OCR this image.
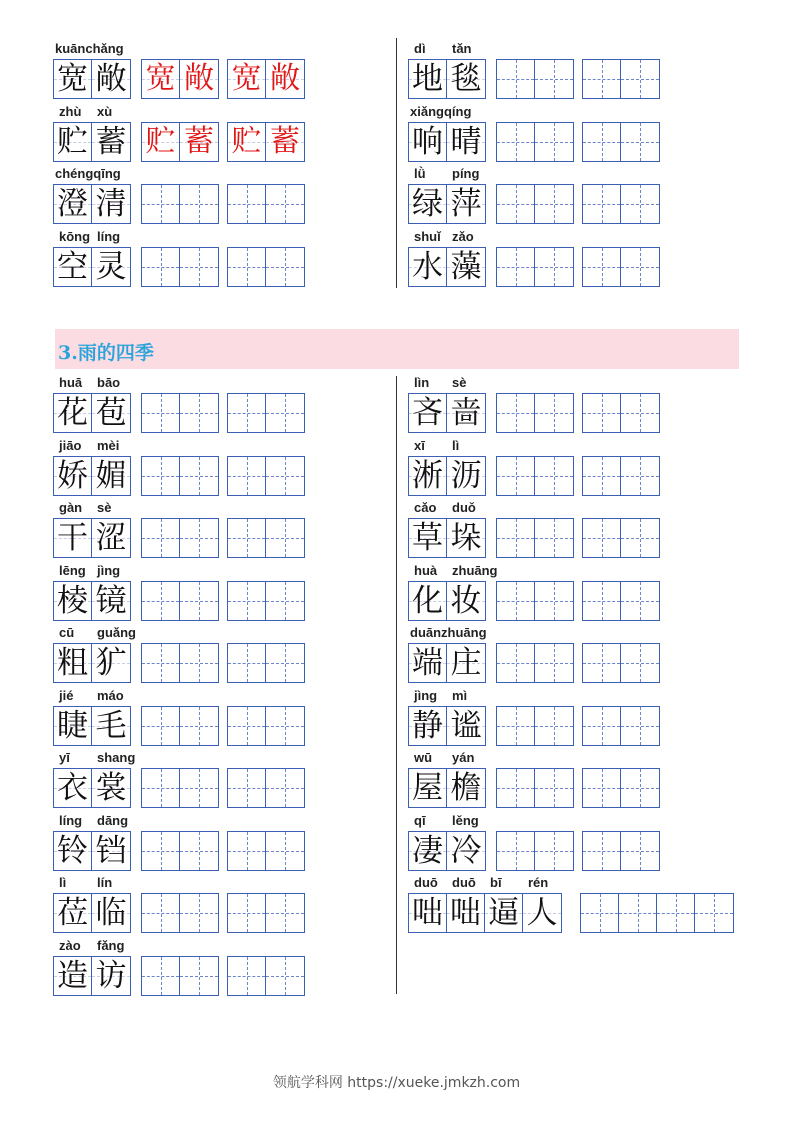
kuānchǎng
宽 敞 宽 敞 宽 敞
zhù xù
贮 蓄 贮 蓄 贮 蓄
chéngqīng
澄 清
kōng líng
空 灵
dì tǎn
地 毯
xiǎngqíng
响 晴
lǜ píng
绿 萍
shuǐ zǎo
水 藻
3.雨的四季
huā bāo
花 苞
jiāo mèi
娇 媚
gàn sè
干 涩
lēng jìng
棱 镜
cū guǎng
粗 犷
jié máo
睫 毛
yī shang
衣 裳
líng dāng
铃 铛
lì lín
莅 临
zào fǎng
造 访
lìn sè
吝 啬
xī lì
淅 沥
cǎo duǒ
草 垛
huà zhuāng
化 妆
duānzhuāng
端 庄
jìng mì
静 谧
wū yán
屋 檐
qī lěng
凄 冷
duō duō bī rén
咄 咄 逼 人
领航学科网 https://xueke.jmkzh.com
